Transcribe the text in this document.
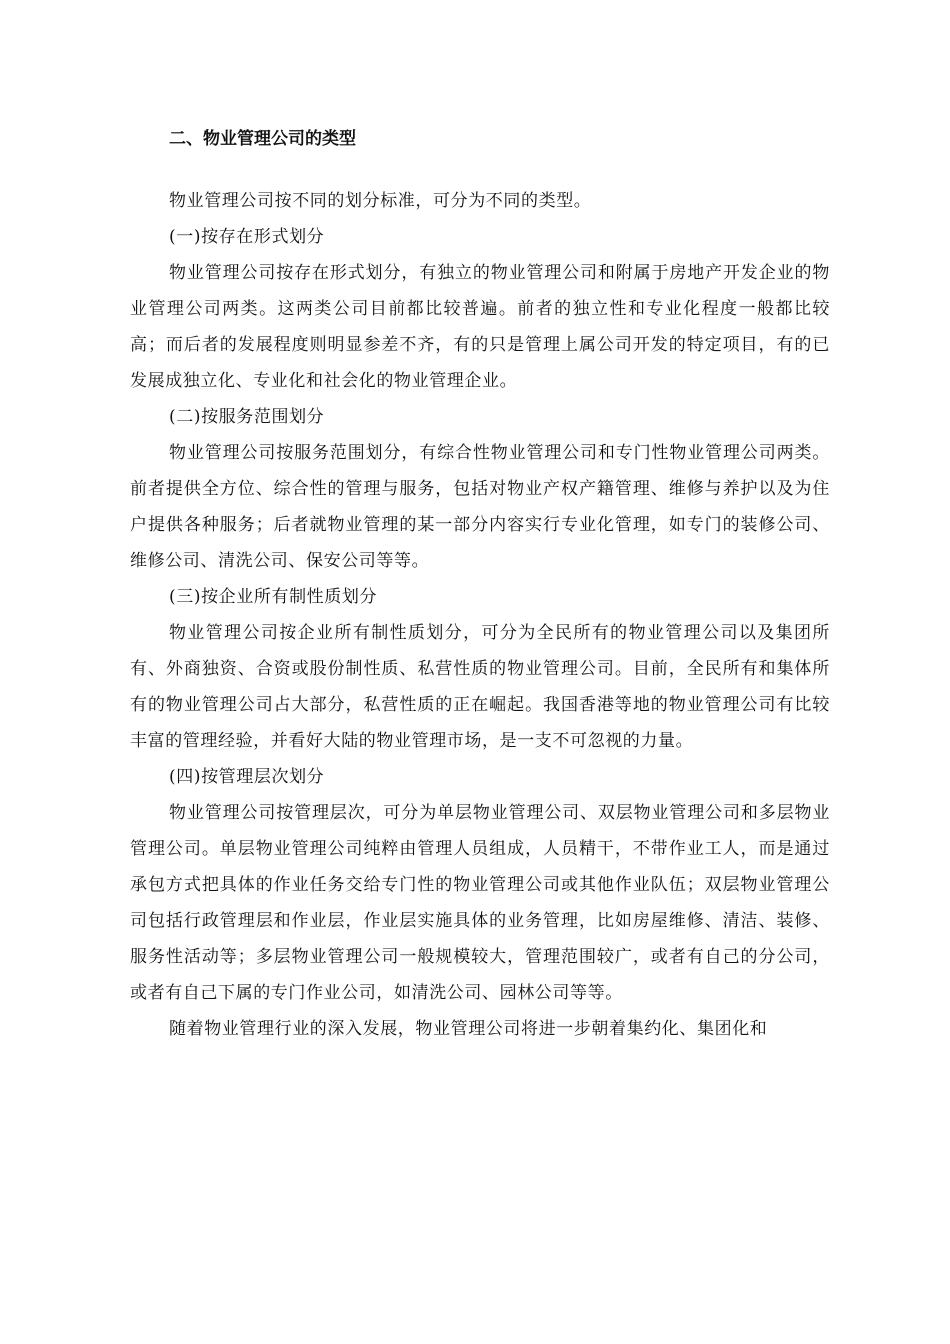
二、物业管理公司的类型

物业管理公司按不同的划分标准，可分为不同的类型。

(一)按存在形式划分

物业管理公司按存在形式划分，有独立的物业管理公司和附属于房地产开发企业的物业管理公司两类。这两类公司目前都比较普遍。前者的独立性和专业化程度一般都比较高；而后者的发展程度则明显参差不齐，有的只是管理上属公司开发的特定项目，有的已发展成独立化、专业化和社会化的物业管理企业。

(二)按服务范围划分

物业管理公司按服务范围划分，有综合性物业管理公司和专门性物业管理公司两类。前者提供全方位、综合性的管理与服务，包括对物业产权产籍管理、维修与养护以及为住户提供各种服务；后者就物业管理的某一部分内容实行专业化管理，如专门的装修公司、维修公司、清洗公司、保安公司等等。

(三)按企业所有制性质划分

物业管理公司按企业所有制性质划分，可分为全民所有的物业管理公司以及集团所有、外商独资、合资或股份制性质、私营性质的物业管理公司。目前，全民所有和集体所有的物业管理公司占大部分，私营性质的正在崛起。我国香港等地的物业管理公司有比较丰富的管理经验，并看好大陆的物业管理市场，是一支不可忽视的力量。

(四)按管理层次划分

物业管理公司按管理层次，可分为单层物业管理公司、双层物业管理公司和多层物业管理公司。单层物业管理公司纯粹由管理人员组成，人员精干，不带作业工人，而是通过承包方式把具体的作业任务交给专门性的物业管理公司或其他作业队伍；双层物业管理公司包括行政管理层和作业层，作业层实施具体的业务管理，比如房屋维修、清洁、装修、服务性活动等；多层物业管理公司一般规模较大，管理范围较广，或者有自己的分公司，或者有自己下属的专门作业公司，如清洗公司、园林公司等等。

随着物业管理行业的深入发展，物业管理公司将进一步朝着集约化、集团化和
